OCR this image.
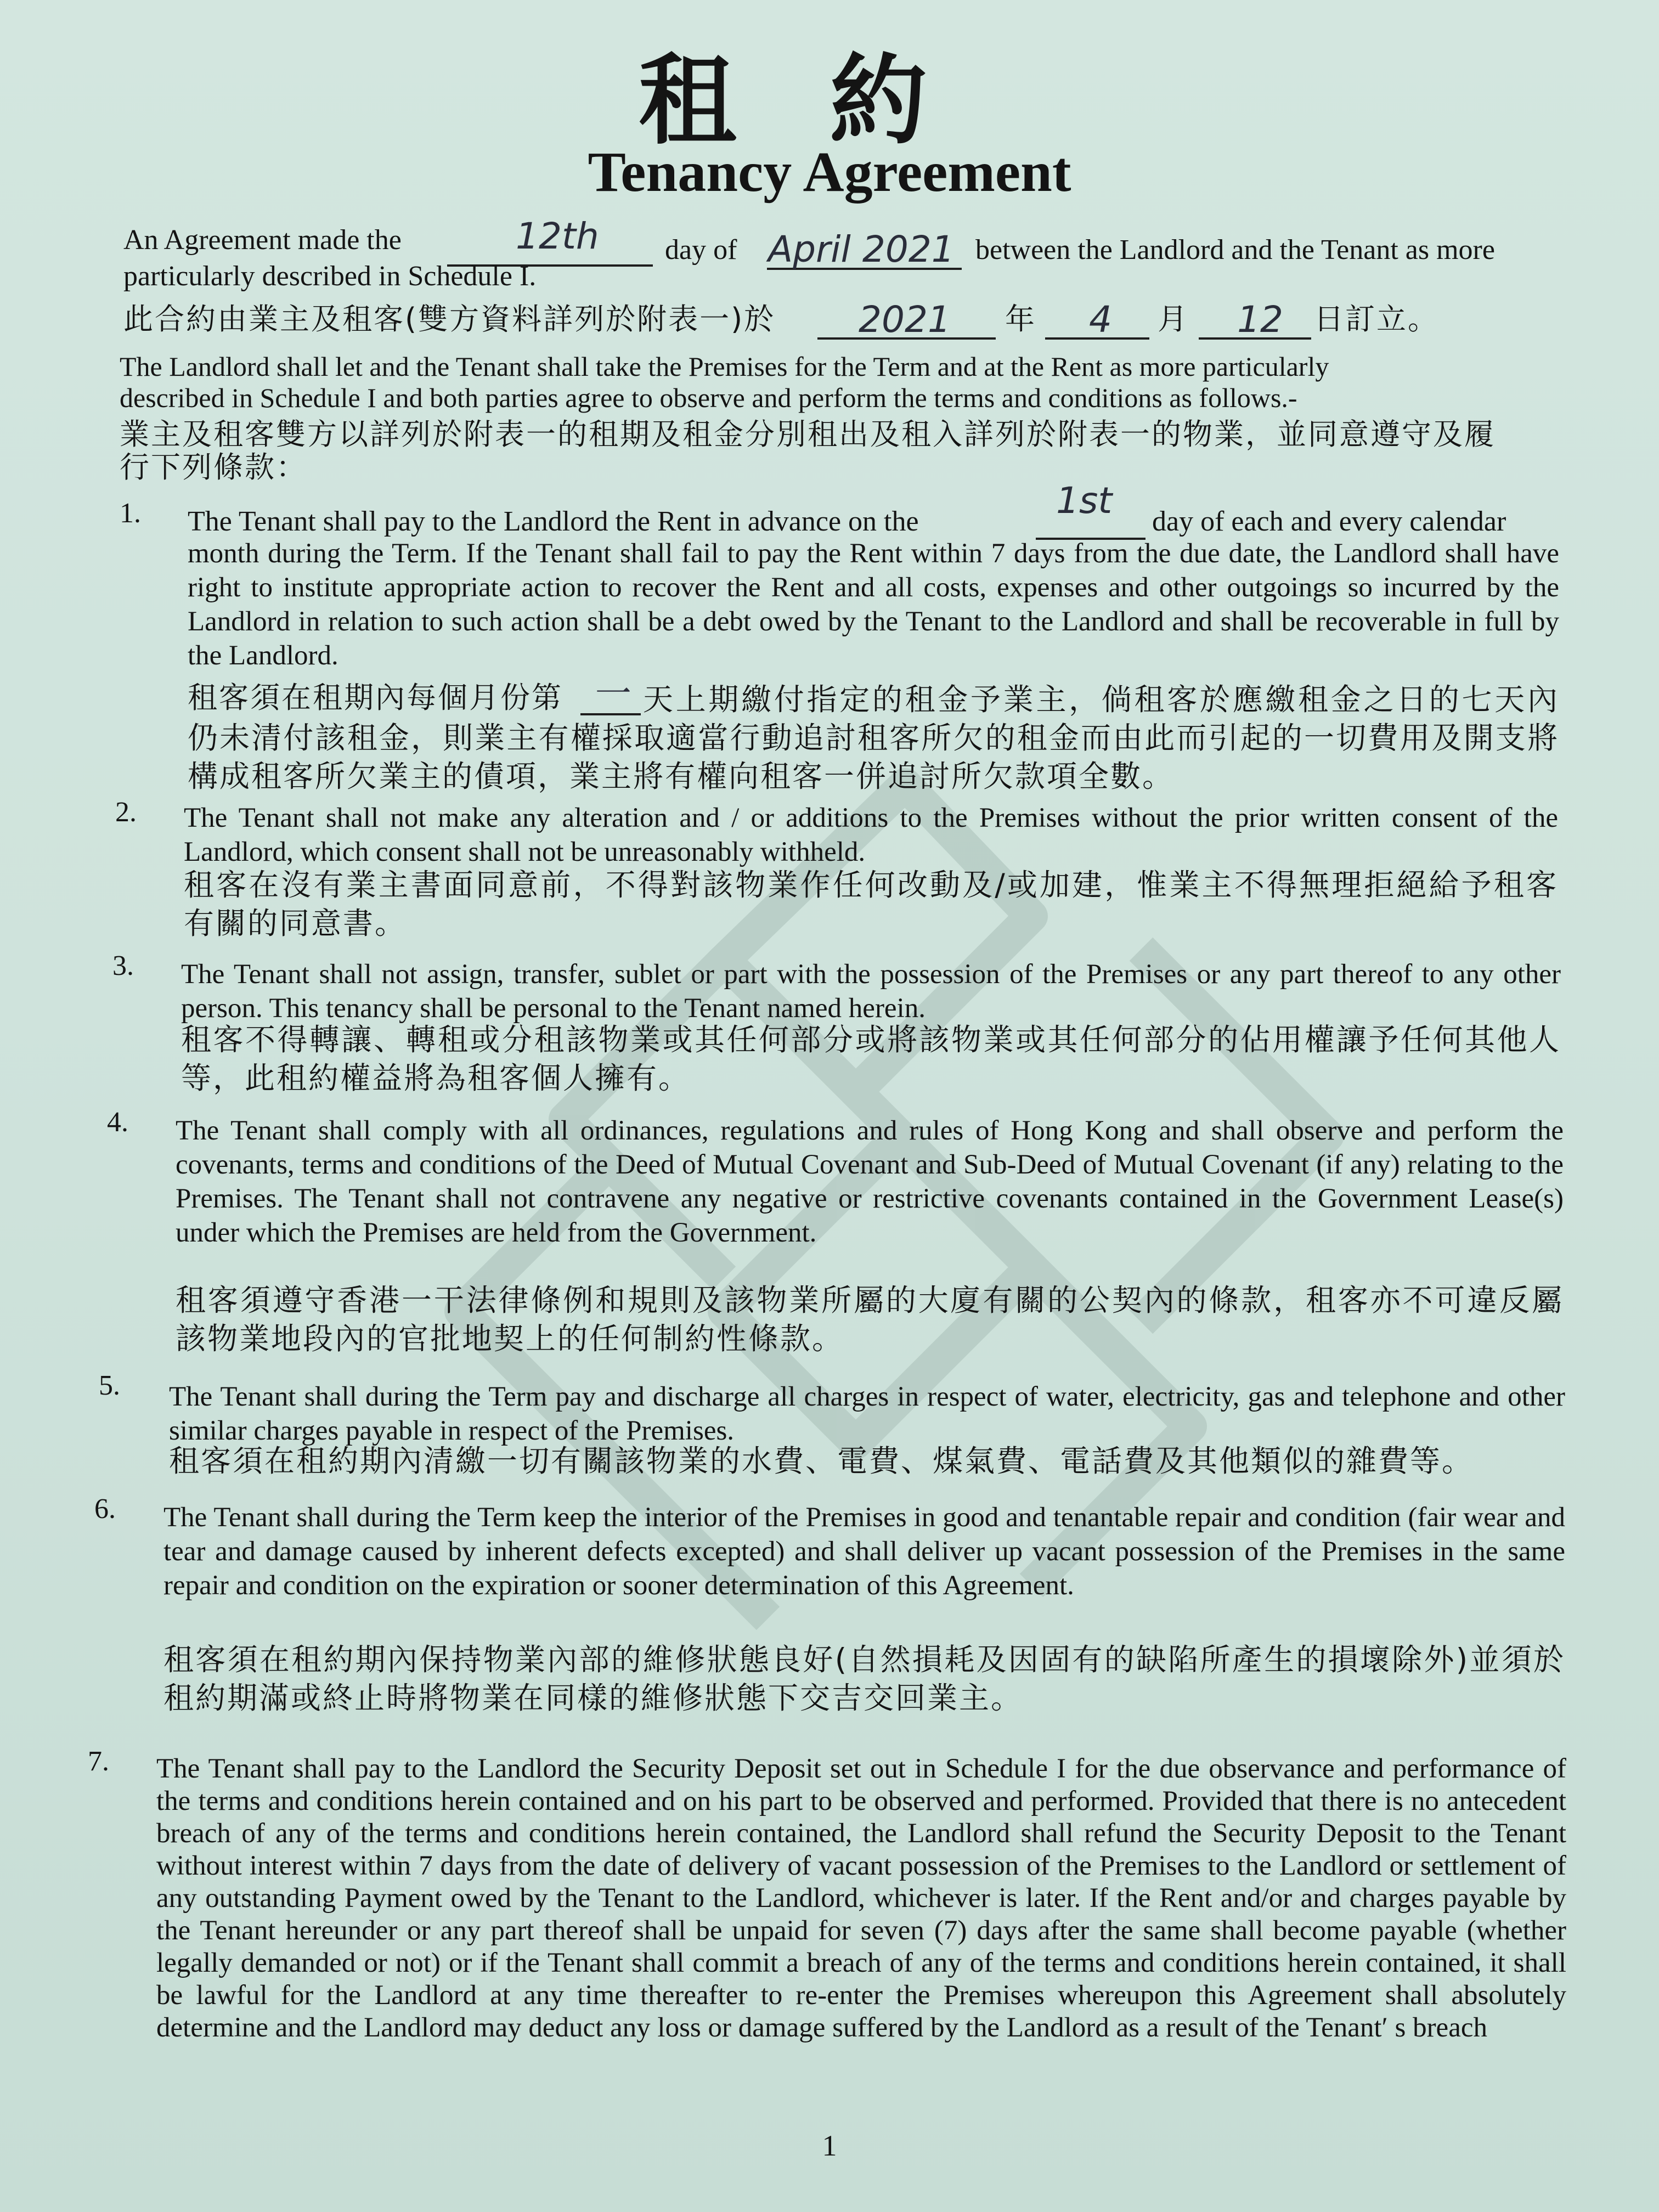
租約
Tenancy Agreement
An Agreement made the	12th day of April 2021 between the Landlord and the Tenant as more
particularly described in Schedule I.
此合約由業主及租客(雙方資料詳列於附表一)於 2021 年 4 月 12 日訂立。
The Landlord shall let and the Tenant shall take the Premises for the Term and at the Rent as more particularly
described in Schedule I and both parties agree to observe and perform the terms and conditions as follows.-
業主及租客雙方以詳列於附表一的租期及租金分別租出及租入詳列於附表一的物業，並同意遵守及履
行下列條款：
1. The Tenant shall pay to the Landlord the Rent in advance on the	1st day of each and every calendar
month during the Term. If the Tenant shall fail to pay the Rent within 7 days from the due date, the Landlord shall have right to institute appropriate action to recover the Rent and all costs, expenses and other outgoings so incurred by the Landlord in relation to such action shall be a debt owed by the Tenant to the Landlord and shall be recoverable in full by the Landlord.
租客須在租期內每個月份第 一 天上期繳付指定的租金予業主，倘租客於應繳租金之日的七天內仍未清付該租金，則業主有權採取適當行動追討租客所欠的租金而由此而引起的一切費用及開支將構成租客所欠業主的債項，業主將有權向租客一併追討所欠款項全數。
2. The Tenant shall not make any alteration and / or additions to the Premises without the prior written consent of the Landlord, which consent shall not be unreasonably withheld.
租客在沒有業主書面同意前，不得對該物業作任何改動及/或加建，惟業主不得無理拒絕給予租客有關的同意書。
3. The Tenant shall not assign, transfer, sublet or part with the possession of the Premises or any part thereof to any other person. This tenancy shall be personal to the Tenant named herein.
租客不得轉讓、轉租或分租該物業或其任何部分或將該物業或其任何部分的佔用權讓予任何其他人等，此租約權益將為租客個人擁有。
4. The Tenant shall comply with all ordinances, regulations and rules of Hong Kong and shall observe and perform the covenants, terms and conditions of the Deed of Mutual Covenant and Sub-Deed of Mutual Covenant (if any) relating to the Premises. The Tenant shall not contravene any negative or restrictive covenants contained in the Government Lease(s) under which the Premises are held from the Government.
租客須遵守香港一干法律條例和規則及該物業所屬的大廈有關的公契內的條款，租客亦不可違反屬該物業地段內的官批地契上的任何制約性條款。
5. The Tenant shall during the Term pay and discharge all charges in respect of water, electricity, gas and telephone and other similar charges payable in respect of the Premises.
租客須在租約期內清繳一切有關該物業的水費、電費、煤氣費、電話費及其他類似的雜費等。
6. The Tenant shall during the Term keep the interior of the Premises in good and tenantable repair and condition (fair wear and tear and damage caused by inherent defects excepted) and shall deliver up vacant possession of the Premises in the same repair and condition on the expiration or sooner determination of this Agreement.
租客須在租約期內保持物業內部的維修狀態良好(自然損耗及因固有的缺陷所產生的損壞除外)並須於租約期滿或終止時將物業在同樣的維修狀態下交吉交回業主。
7. The Tenant shall pay to the Landlord the Security Deposit set out in Schedule I for the due observance and performance of the terms and conditions herein contained and on his part to be observed and performed. Provided that there is no antecedent breach of any of the terms and conditions herein contained, the Landlord shall refund the Security Deposit to the Tenant without interest within 7 days from the date of delivery of vacant possession of the Premises to the Landlord or settlement of any outstanding Payment owed by the Tenant to the Landlord, whichever is later. If the Rent and/or and charges payable by the Tenant hereunder or any part thereof shall be unpaid for seven (7) days after the same shall become payable (whether legally demanded or not) or if the Tenant shall commit a breach of any of the terms and conditions herein contained, it shall be lawful for the Landlord at any time thereafter to re-enter the Premises whereupon this Agreement shall absolutely determine and the Landlord may deduct any loss or damage suffered by the Landlord as a result of the Tenant′ s breach
1
